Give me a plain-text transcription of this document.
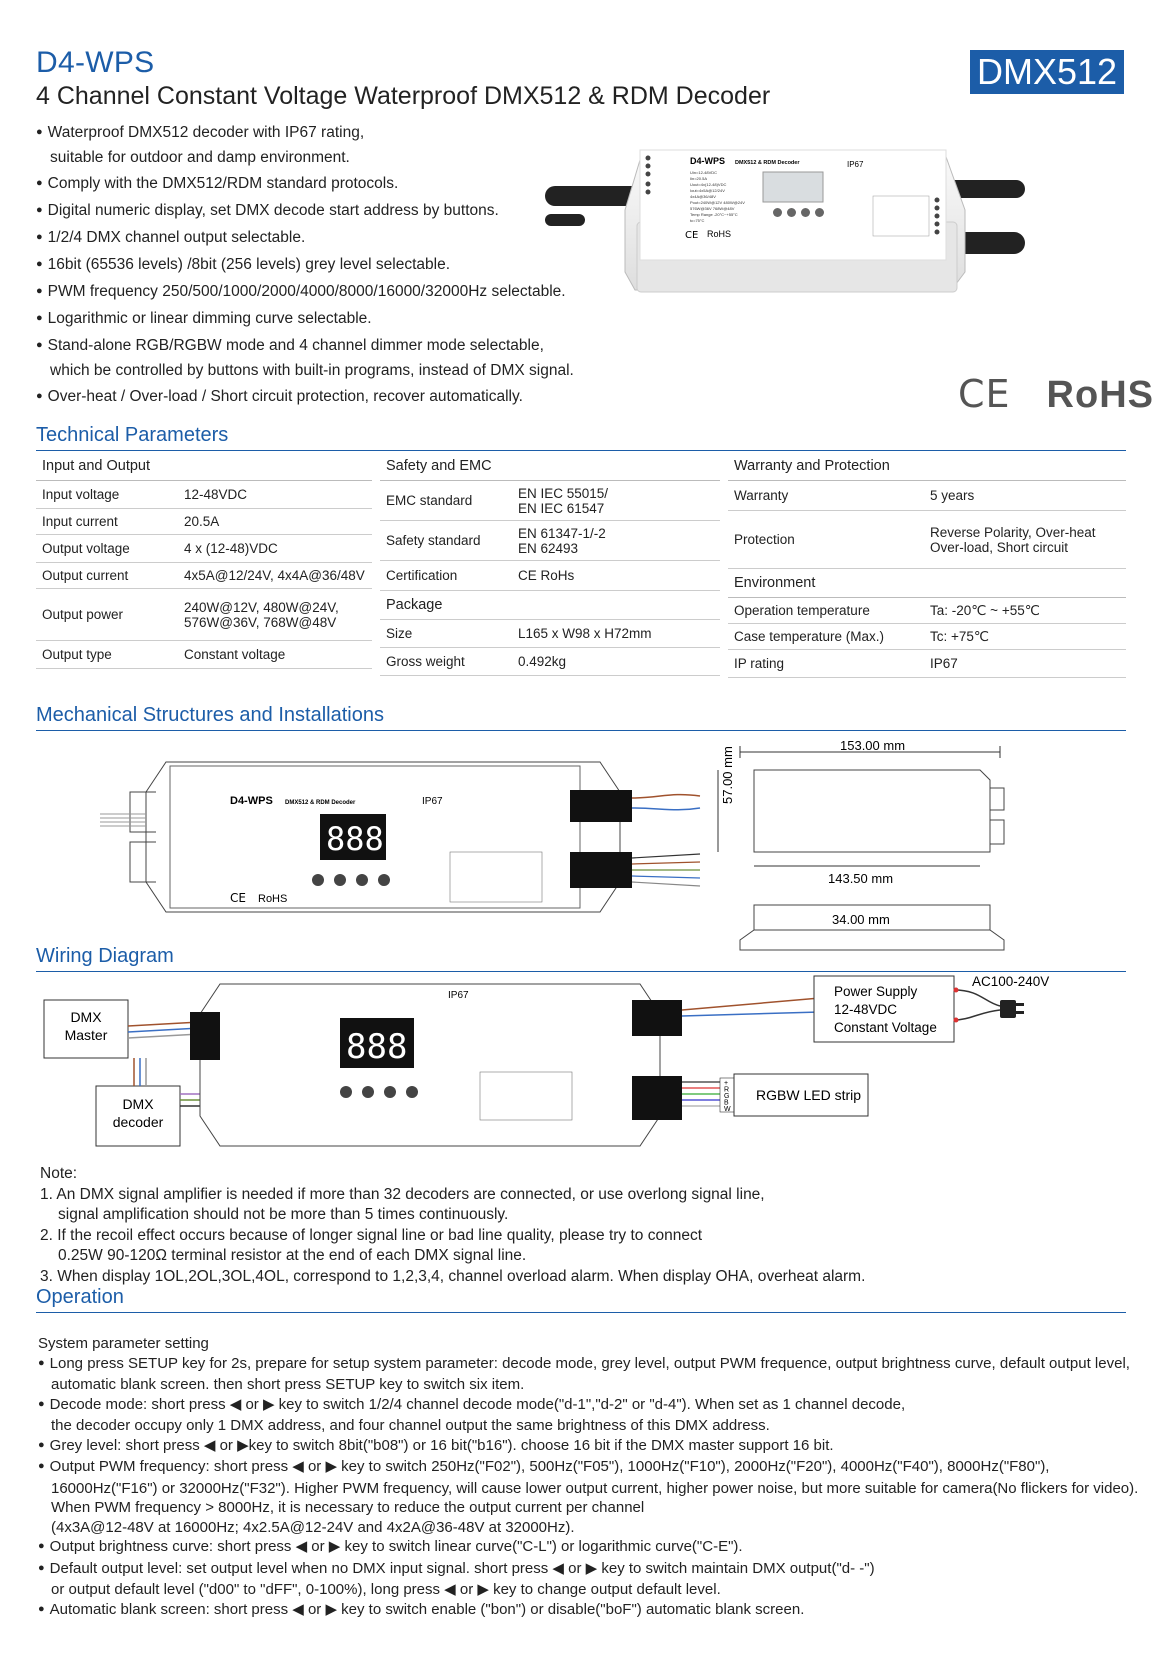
D4-WPS
4 Channel Constant Voltage Waterproof DMX512 & RDM Decoder
DMX512
● Waterproof DMX512 decoder with IP67 rating,
suitable for outdoor and damp environment.
● Comply with the DMX512/RDM standard protocols.
● Digital numeric display, set DMX decode start address by buttons.
● 1/2/4 DMX channel output selectable.
● 16bit (65536 levels) /8bit (256 levels) grey level selectable.
● PWM frequency 250/500/1000/2000/4000/8000/16000/32000Hz selectable.
● Logarithmic or linear dimming curve selectable.
● Stand-alone RGB/RGBW mode and 4 channel dimmer mode selectable,
which be controlled by buttons with built-in programs, instead of DMX signal.
● Over-heat / Over-load / Short circuit protection, recover automatically.
D4-WPS DMX512 & RDM Decoder	IP67
CE RoHS
Uin=12-48VDC
Iin=20.5A
Uout=4x(12-48)VDC
Iout=4x5A@12/24V
4x4A@36/48V
Pout=240W@12V 480W@24V
576W@36V 768W@48V
Temp Range -20°C~+55°C
tc=75°C
CE RoHS
Technical Parameters
Input and Output
Input voltage	12-48VDC
Input current	20.5A
Output voltage	4 x (12-48)VDC
Output current	4x5A@12/24V, 4x4A@36/48V
Output power	240W@12V, 480W@24V,
576W@36V, 768W@48V
Output type	Constant voltage
Safety and EMC
EMC standard	EN IEC 55015/
EN IEC 61547
Safety standard	EN 61347-1/-2
EN 62493
Certification	CE RoHs
Package
Size	L165 x W98 x H72mm
Gross weight	0.492kg
Warranty and Protection
Warranty	5 years
Protection	Reverse Polarity, Over-heat
Over-load, Short circuit
Environment
Operation temperature	Ta: -20℃ ~ +55℃
Case temperature (Max.)	Tc: +75℃
IP rating	IP67
Mechanical Structures and Installations
D4-WPS DMX512 & RDM Decoder	IP67
888
CE RoHS
153.00 mm
57.00 mm
143.50 mm
34.00 mm
Wiring Diagram
DMX
Master
DMX
decoder
888
IP67	Power Supply
12-48VDC
Constant Voltage
AC100-240V
+
R
G
B
W
RGBW LED strip
Note:
1. An DMX signal amplifier is needed if more than 32 decoders are connected, or use overlong signal line,
signal amplification should not be more than 5 times continuously.
2. If the recoil effect occurs because of longer signal line or bad line quality, please try to connect
0.25W 90-120Ω terminal resistor at the end of each DMX signal line.
3. When display 1OL,2OL,3OL,4OL, correspond to 1,2,3,4, channel overload alarm. When display OHA, overheat alarm.
Operation
System parameter setting
● Long press SETUP key for 2s, prepare for setup system parameter: decode mode, grey level, output PWM frequence, output brightness curve, default output level,
automatic blank screen. then short press SETUP key to switch six item.
● Decode mode: short press ◀ or ▶ key to switch 1/2/4 channel decode mode("d-1","d-2" or "d-4"). When set as 1 channel decode,
the decoder occupy only 1 DMX address, and four channel output the same brightness of this DMX address.
● Grey level: short press ◀ or ▶key to switch 8bit("b08") or 16 bit("b16"). choose 16 bit if the DMX master support 16 bit.
● Output PWM frequency: short press ◀ or ▶ key to switch 250Hz("F02"), 500Hz("F05"), 1000Hz("F10"), 2000Hz("F20"), 4000Hz("F40"), 8000Hz("F80"),
16000Hz("F16") or 32000Hz("F32"). Higher PWM frequency, will cause lower output current, higher power noise, but more suitable for camera(No flickers for video).
When PWM frequency > 8000Hz, it is necessary to reduce the output current per channel
(4x3A@12-48V at 16000Hz; 4x2.5A@12-24V and 4x2A@36-48V at 32000Hz).
● Output brightness curve: short press ◀ or ▶ key to switch linear curve("C-L") or logarithmic curve("C-E").
● Default output level: set output level when no DMX input signal. short press ◀ or ▶ key to switch maintain DMX output("d- -")
or output default level ("d00" to "dFF", 0-100%), long press ◀ or ▶ key to change output default level.
● Automatic blank screen: short press ◀ or ▶ key to switch enable ("bon") or disable("boF") automatic blank screen.
